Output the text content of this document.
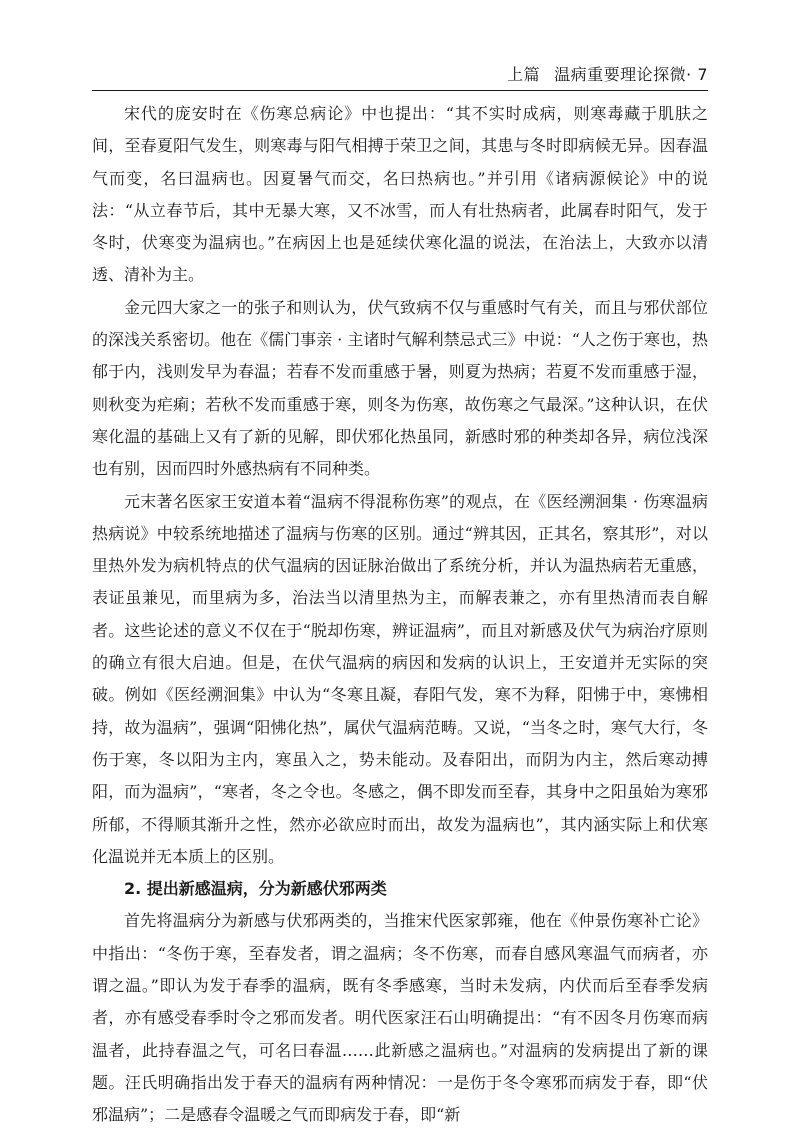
上篇 温病重要理论探微· 7

宋代的庞安时在《伤寒总病论》中也提出：“其不实时成病，则寒毒藏于肌肤之间，至春夏阳气发生，则寒毒与阳气相搏于荣卫之间，其患与冬时即病候无异。因春温气而变，名曰温病也。因夏暑气而交，名曰热病也。”并引用《诸病源候论》中的说法：“从立春节后，其中无暴大寒，又不冰雪，而人有壮热病者，此属春时阳气，发于冬时，伏寒变为温病也。”在病因上也是延续伏寒化温的说法，在治法上，大致亦以清透、清补为主。

金元四大家之一的张子和则认为，伏气致病不仅与重感时气有关，而且与邪伏部位的深浅关系密切。他在《儒门事亲 · 主诸时气解利禁忌式三》中说：“人之伤于寒也，热郁于内，浅则发早为春温；若春不发而重感于暑，则夏为热病；若夏不发而重感于湿，则秋变为疟痢；若秋不发而重感于寒，则冬为伤寒，故伤寒之气最深。”这种认识，在伏寒化温的基础上又有了新的见解，即伏邪化热虽同，新感时邪的种类却各异，病位浅深也有别，因而四时外感热病有不同种类。

元末著名医家王安道本着“温病不得混称伤寒”的观点，在《医经溯洄集 · 伤寒温病热病说》中较系统地描述了温病与伤寒的区别。通过“辨其因，正其名，察其形”，对以里热外发为病机特点的伏气温病的因证脉治做出了系统分析，并认为温热病若无重感，表证虽兼见，而里病为多，治法当以清里热为主，而解表兼之，亦有里热清而表自解者。这些论述的意义不仅在于“脱却伤寒，辨证温病”，而且对新感及伏气为病治疗原则的确立有很大启迪。但是，在伏气温病的病因和发病的认识上，王安道并无实际的突破。例如《医经溯洄集》中认为“冬寒且凝，春阳气发，寒不为释，阳怫于中，寒怫相持，故为温病”，强调“阳怫化热”，属伏气温病范畴。又说，“当冬之时，寒气大行，冬伤于寒，冬以阳为主内，寒虽入之，势未能动。及春阳出，而阴为内主，然后寒动搏阳，而为温病”，“寒者，冬之令也。冬感之，偶不即发而至春，其身中之阳虽始为寒邪所郁，不得顺其渐升之性，然亦必欲应时而出，故发为温病也”，其内涵实际上和伏寒化温说并无本质上的区别。

2. 提出新感温病，分为新感伏邪两类

首先将温病分为新感与伏邪两类的，当推宋代医家郭雍，他在《仲景伤寒补亡论》中指出：“冬伤于寒，至春发者，谓之温病；冬不伤寒，而春自感风寒温气而病者，亦谓之温。”即认为发于春季的温病，既有冬季感寒，当时未发病，内伏而后至春季发病者，亦有感受春季时令之邪而发者。明代医家汪石山明确提出：“有不因冬月伤寒而病温者，此持春温之气，可名曰春温……此新感之温病也。”对温病的发病提出了新的课题。汪氏明确指出发于春天的温病有两种情况：一是伤于冬令寒邪而病发于春，即“伏邪温病”；二是感春令温暖之气而即病发于春，即“新
